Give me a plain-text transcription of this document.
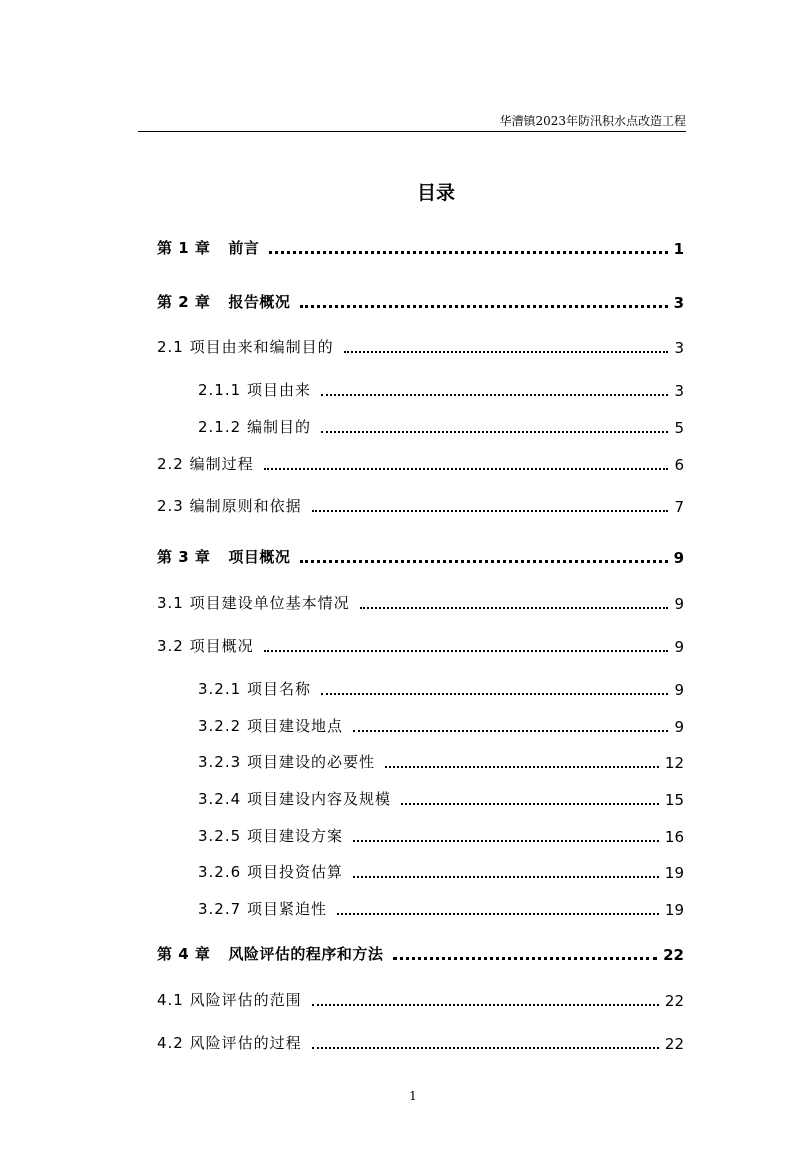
华漕镇2023年防汛积水点改造工程
目录
第 1 章 前言	1
第 2 章 报告概况	3
2.1 项目由来和编制目的	3
2.1.1 项目由来	3
2.1.2 编制目的	5
2.2 编制过程	6
2.3 编制原则和依据	7
第 3 章 项目概况	9
3.1 项目建设单位基本情况	9
3.2 项目概况	9
3.2.1 项目名称	9
3.2.2 项目建设地点	9
3.2.3 项目建设的必要性	12
3.2.4 项目建设内容及规模	15
3.2.5 项目建设方案	16
3.2.6 项目投资估算	19
3.2.7 项目紧迫性	19
第 4 章 风险评估的程序和方法	22
4.1 风险评估的范围	22
4.2 风险评估的过程	22
1
